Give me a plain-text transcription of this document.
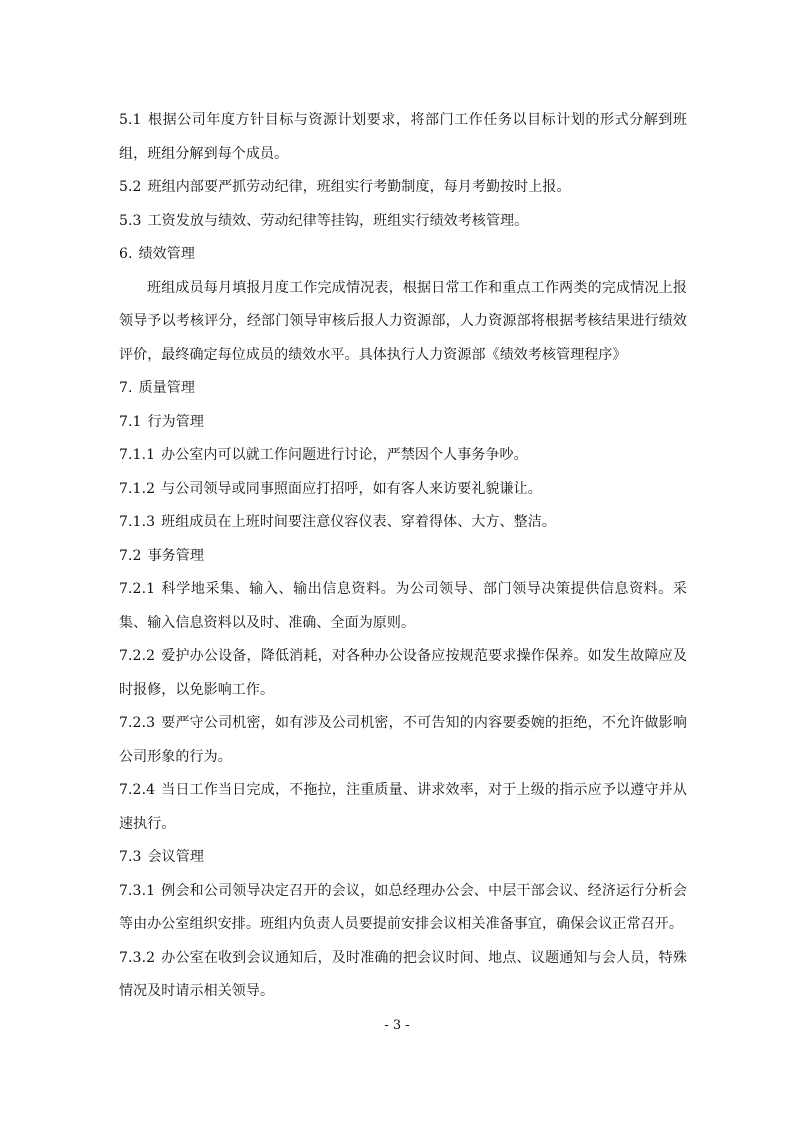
5.1 根据公司年度方针目标与资源计划要求，将部门工作任务以目标计划的形式分解到班组，班组分解到每个成员。

5.2 班组内部要严抓劳动纪律，班组实行考勤制度，每月考勤按时上报。

5.3 工资发放与绩效、劳动纪律等挂钩，班组实行绩效考核管理。

6. 绩效管理

班组成员每月填报月度工作完成情况表，根据日常工作和重点工作两类的完成情况上报领导予以考核评分，经部门领导审核后报人力资源部，人力资源部将根据考核结果进行绩效评价，最终确定每位成员的绩效水平。具体执行人力资源部《绩效考核管理程序》

7. 质量管理

7.1 行为管理

7.1.1 办公室内可以就工作问题进行讨论，严禁因个人事务争吵。

7.1.2 与公司领导或同事照面应打招呼，如有客人来访要礼貌谦让。

7.1.3 班组成员在上班时间要注意仪容仪表、穿着得体、大方、整洁。

7.2 事务管理

7.2.1 科学地采集、输入、输出信息资料。为公司领导、部门领导决策提供信息资料。采集、输入信息资料以及时、准确、全面为原则。

7.2.2 爱护办公设备，降低消耗，对各种办公设备应按规范要求操作保养。如发生故障应及时报修，以免影响工作。

7.2.3 要严守公司机密，如有涉及公司机密，不可告知的内容要委婉的拒绝，不允许做影响公司形象的行为。

7.2.4 当日工作当日完成，不拖拉，注重质量、讲求效率，对于上级的指示应予以遵守并从速执行。

7.3 会议管理

7.3.1 例会和公司领导决定召开的会议，如总经理办公会、中层干部会议、经济运行分析会等由办公室组织安排。班组内负责人员要提前安排会议相关准备事宜，确保会议正常召开。

7.3.2 办公室在收到会议通知后，及时准确的把会议时间、地点、议题通知与会人员，特殊情况及时请示相关领导。

- 3 -
